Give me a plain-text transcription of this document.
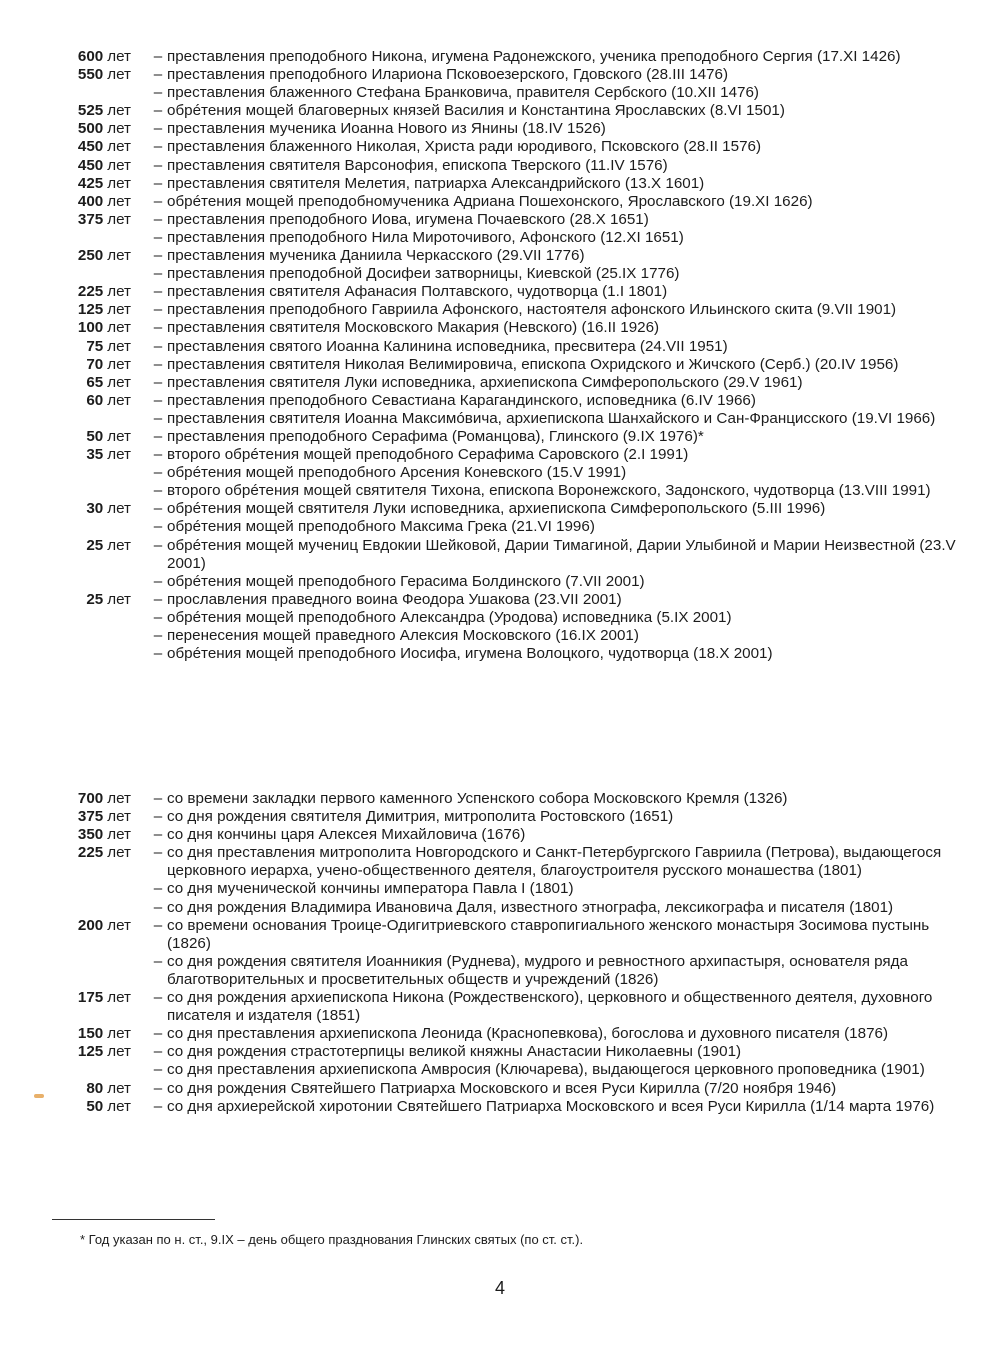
600 лет	– преставления преподобного Никона, игумена Радонежского, ученика преподобного Сергия (17.XI 1426)
550 лет	– преставления преподобного Илариона Псковоезерского, Гдовского (28.III 1476)
– преставления блаженного Стефана Бранковича, правителя Сербского (10.XII 1476)
525 лет	– обрéтения мощей благоверных князей Василия и Константина Ярославских (8.VI 1501)
500 лет	– преставления мученика Иоанна Нового из Янины (18.IV 1526)
450 лет	– преставления блаженного Николая, Христа ради юродивого, Псковского (28.II 1576)
450 лет	– преставления святителя Варсонофия, епископа Тверского (11.IV 1576)
425 лет	– преставления святителя Мелетия, патриарха Александрийского (13.X 1601)
400 лет	– обрéтения мощей преподобномученика Адриана Пошехонского, Ярославского (19.XI 1626)
375 лет	– преставления преподобного Иова, игумена Почаевского (28.X 1651)
– преставления преподобного Нила Мироточивого, Афонского (12.XI 1651)
250 лет	– преставления мученика Даниила Черкасского (29.VII 1776)
– преставления преподобной Досифеи затворницы, Киевской (25.IX 1776)
225 лет	– преставления святителя Афанасия Полтавского, чудотворца (1.I 1801)
125 лет	– преставления преподобного Гавриила Афонского, настоятеля афонского Ильинского скита (9.VII 1901)
100 лет	– преставления святителя Московского Макария (Невского) (16.II 1926)
75 лет	– преставления святого Иоанна Калинина исповедника, пресвитера (24.VII 1951)
70 лет	– преставления святителя Николая Велимировича, епископа Охридского и Жичского (Серб.) (20.IV 1956)
65 лет	– преставления святителя Луки исповедника, архиепископа Симферопольского (29.V 1961)
60 лет	– преставления преподобного Севастиана Карагандинского, исповедника (6.IV 1966)
– преставления святителя Иоанна Максимóвича, архиепископа Шанхайского и Сан-Францисского (19.VI 1966)
50 лет	– преставления преподобного Серафима (Романцова), Глинского (9.IX 1976)*
35 лет	– второго обрéтения мощей преподобного Серафима Саровского (2.I 1991)
– обрéтения мощей преподобного Арсения Коневского (15.V 1991)
– второго обрéтения мощей святителя Тихона, епископа Воронежского, Задонского, чудотворца (13.VIII 1991)
30 лет	– обрéтения мощей святителя Луки исповедника, архиепископа Симферопольского (5.III 1996)
– обрéтения мощей преподобного Максима Грека (21.VI 1996)
25 лет	– обрéтения мощей мучениц Евдокии Шейковой, Дарии Тимагиной, Дарии Улыбиной и Марии Неизвестной (23.V 2001)
– обрéтения мощей преподобного Герасима Болдинского (7.VII 2001)
25 лет	– прославления праведного воина Феодора Ушакова (23.VII 2001)
– обрéтения мощей преподобного Александра (Уродова) исповедника (5.IX 2001)
– перенесения мощей праведного Алексия Московского (16.IX 2001)
– обрéтения мощей преподобного Иосифа, игумена Волоцкого, чудотворца (18.X 2001)
700 лет	– со времени закладки первого каменного Успенского собора Московского Кремля (1326)
375 лет	– со дня рождения святителя Димитрия, митрополита Ростовского (1651)
350 лет	– со дня кончины царя Алексея Михайловича (1676)
225 лет	– со дня преставления митрополита Новгородского и Санкт-Петербургского Гавриила (Петрова), выдающегося церковного иерарха, учено-общественного деятеля, благоустроителя русского монашества (1801)
– со дня мученической кончины императора Павла I (1801)
– со дня рождения Владимира Ивановича Даля, известного этнографа, лексикографа и писателя (1801)
200 лет	– со времени основания Троице-Одигитриевского ставропигиального женского монастыря Зосимова пустынь (1826)
– со дня рождения святителя Иоанникия (Руднева), мудрого и ревностного архипастыря, основателя ряда благотворительных и просветительных обществ и учреждений (1826)
175 лет	– со дня рождения архиепископа Никона (Рождественского), церковного и общественного деятеля, духовного писателя и издателя (1851)
150 лет	– со дня преставления архиепископа Леонида (Краснопевкова), богослова и духовного писателя (1876)
125 лет	– со дня рождения страстотерпицы великой княжны Анастасии Николаевны (1901)
– со дня преставления архиепископа Амвросия (Ключарева), выдающегося церковного проповедника (1901)
80 лет	– со дня рождения Святейшего Патриарха Московского и всея Руси Кирилла (7/20 ноября 1946)
50 лет	– со дня архиерейской хиротонии Святейшего Патриарха Московского и всея Руси Кирилла (1/14 марта 1976)
* Год указан по н. ст., 9.IX – день общего празднования Глинских святых (по ст. ст.).
4
